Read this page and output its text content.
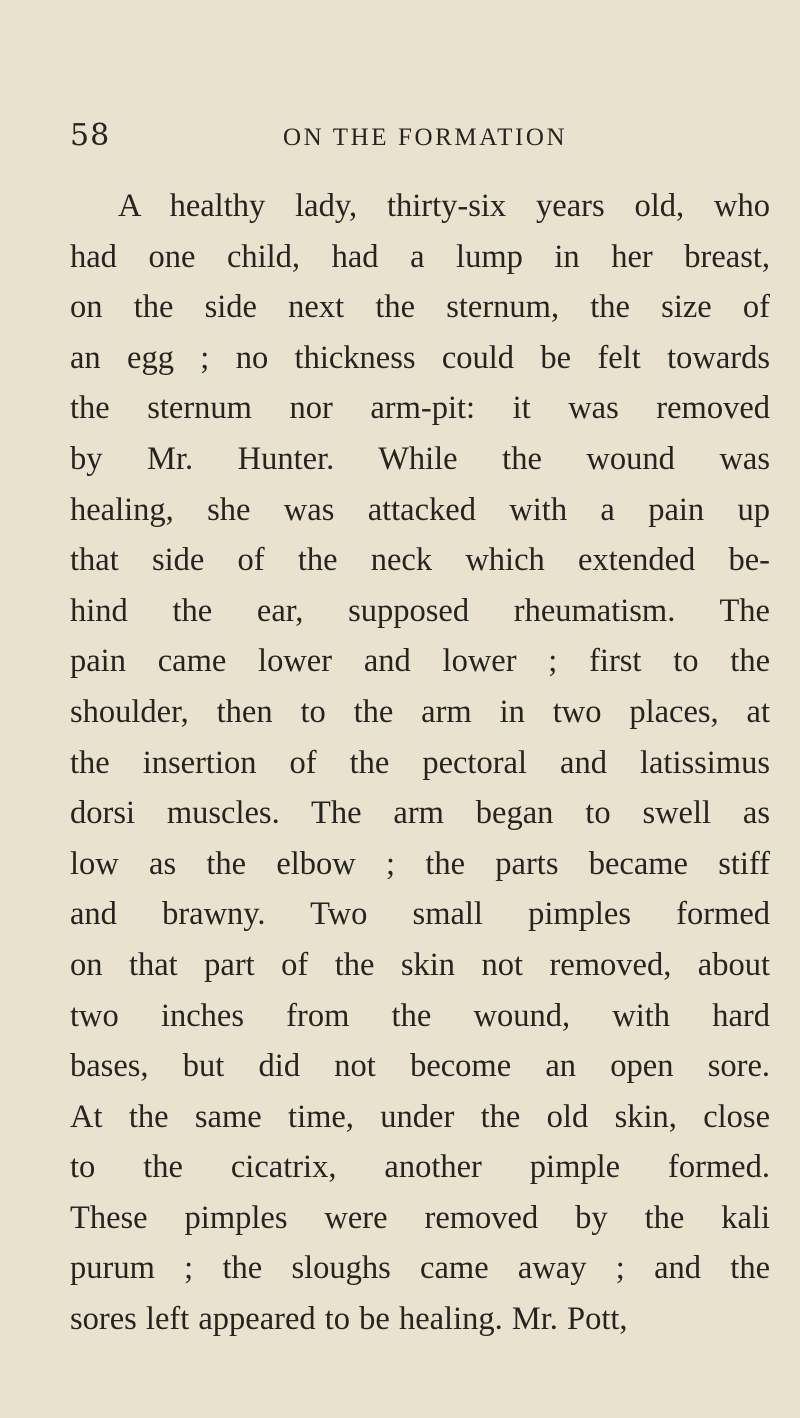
58	ON THE FORMATION
A healthy lady, thirty-six years old, who
had one child, had a lump in her breast,
on the side next the sternum, the size of
an egg ; no thickness could be felt towards
the sternum nor arm-pit: it was removed
by Mr. Hunter. While the wound was
healing, she was attacked with a pain up
that side of the neck which extended be-
hind the ear, supposed rheumatism. The
pain came lower and lower ; first to the
shoulder, then to the arm in two places, at
the insertion of the pectoral and latissimus
dorsi muscles. The arm began to swell as
low as the elbow ; the parts became stiff
and brawny. Two small pimples formed
on that part of the skin not removed, about
two inches from the wound, with hard
bases, but did not become an open sore.
At the same time, under the old skin, close
to the cicatrix, another pimple formed.
These pimples were removed by the kali
purum ; the sloughs came away ; and the
sores left appeared to be healing. Mr. Pott,
